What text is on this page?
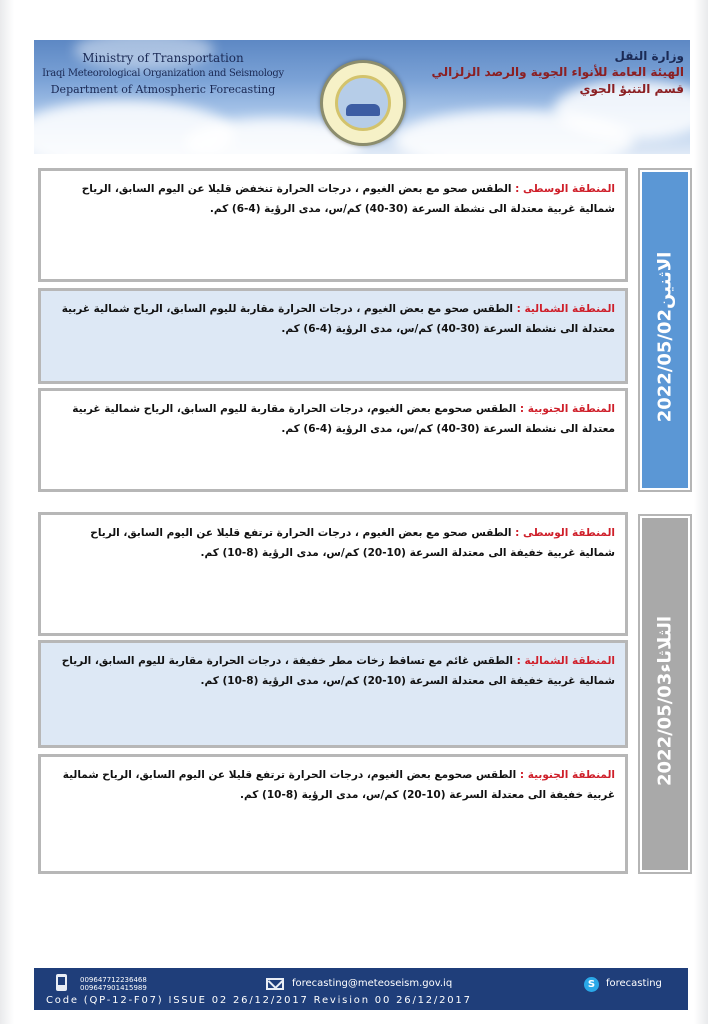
Ministry of Transportation
Iraqi Meteorological Organization and Seismology
Department of Atmospheric Forecasting
وزارة النقل
الهيئة العامة للأنواء الجوية والرصد الزلزالي
قسم التنبؤ الجوي
المنطقة الوسطى : الطقس صحو مع بعض الغيوم ، درجات الحرارة تنخفض قليلا عن اليوم السابق، الرياح شمالية غربية معتدلة الى نشطة السرعة (30-40) كم/س، مدى الرؤية (4-6) كم.
المنطقة الشمالية : الطقس صحو مع بعض الغيوم ، درجات الحرارة مقاربة لليوم السابق، الرياح شمالية غربية معتدلة الى نشطة السرعة (30-40) كم/س، مدى الرؤية (4-6) كم.
المنطقة الجنوبية : الطقس صحومع بعض الغيوم، درجات الحرارة مقاربة لليوم السابق، الرياح شمالية غربية معتدلة الى نشطة السرعة (30-40) كم/س، مدى الرؤية (4-6) كم.
الاثنين2022/05/02
المنطقة الوسطى : الطقس صحو مع بعض الغيوم ، درجات الحرارة ترتفع قليلا عن اليوم السابق، الرياح شمالية غربية خفيفة الى معتدلة السرعة (10-20) كم/س، مدى الرؤية (8-10) كم.
المنطقة الشمالية : الطقس غائم مع تساقط زخات مطر خفيفة ، درجات الحرارة مقاربة لليوم السابق، الرياح شمالية غربية خفيفة الى معتدلة السرعة (10-20) كم/س، مدى الرؤية (8-10) كم.
المنطقة الجنوبية : الطقس صحومع بعض الغيوم، درجات الحرارة ترتفع قليلا عن اليوم السابق، الرياح شمالية غربية خفيفة الى معتدلة السرعة (10-20) كم/س، مدى الرؤية (8-10) كم.
الثلاثاء2022/05/03
009647712236468
009647901415989	forecasting@meteoseism.gov.iq	S	forecasting
Code (QP-12-F07) ISSUE 02 26/12/2017 Revision 00 26/12/2017
